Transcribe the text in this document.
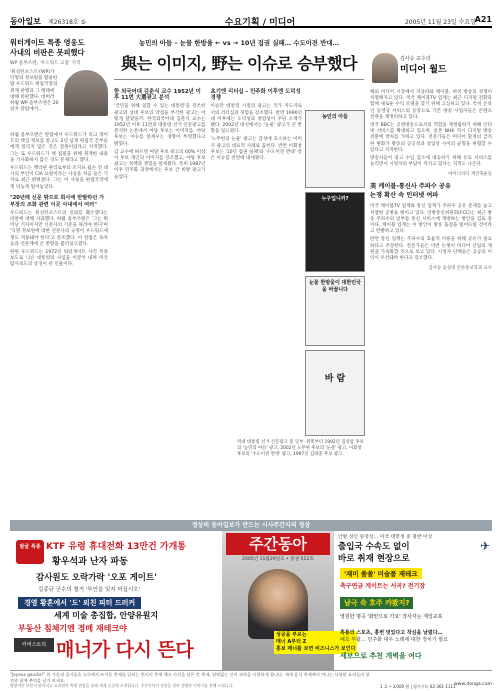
동아일보 제26318호 ⑤	수요기획 / 미디어	2005년 11월 23일 수요일
A21
워터게이트 특종 영웅도
사내의 비판은 못피했다
WP 옴부즈맨, '우드워드 고집' 지적
'워싱턴포스트'(WP)가 익명의 정보원을 활용한 밥 우드워드 편집국장의 취재 관행과 그 행태에 대해 비판했다. 데버러 하월 WP 옴부즈맨은 20일자 칼럼에서...

하월 옴부즈맨은 칼럼에서 우드워드가 리크 게이트의 핵심 정보를 알고도 2년 넘게 편집국 간부들에게 알리지 않은 것은 잘못이었다고 지적했다. 그는 또 우드워드가 책 집필을 위해 취재한 내용을 기사화하지 않은 것도 문제라고 했다.

우드워드는 백악관 관리로부터 조지프 윌슨 전 대사의 부인이 CIA 요원이라는 사실을 처음 들은 기자로 최근 밝혀졌다. 그는 이 사실을 편집국장에게 뒤늦게 털어놓았다.

"20년래 신문 밖으로 회사에 반발하던 가 부장의 조화 관련 이곳 사내에서 여러"

우드워드는 워싱턴포스트의 신뢰를 훼손했다는 비판에 대해 사과했다. 하월 옴부즈맨은 '그는 뛰어난 기자이지만 신문사의 기준을 따라야 한다'며 '익명 정보원에 대한 신문사의 규정이 우드워드에게도 적용돼야 한다'고 강조했다. 이 칼럼은 독자들과 언론계에 큰 반향을 불러일으켰다.

한편 우드워드는 1972년 워터게이트 사건 특종 보도로 닉슨 대통령의 사임을 이끌어 내며 미국 탐사보도의 상징이 된 인물이다.

농민의 아들 – 눈물 한방울 ← vs → 10년 집권 실패… 수도이전 반대…
與는 이미지, 野는 이슈로 승부했다
한 외국어대 김춘식 교수 1952년 이후 11번 大選광고 분석

'국민을 위해 일할 수 있는 대통령'을 강조한 광고와 상대 후보의 약점을 부각한 광고는 어떻게 달랐을까. 한국외국어대 김춘식 교수는 1952년 이후 11번의 대통령 선거 신문광고를 분석한 논문에서 여당 후보는 이미지를, 야당 후보는 이슈를 앞세우는 경향이 뚜렷했다고 밝혔다.

김 교수에 따르면 여당 후보 광고의 60% 이상이 후보 개인의 이미지를 강조했고, 야당 후보 광고는 정책과 쟁점을 앞세웠다. 특히 1987년 이후 민주화 과정에서는 후보 간 비방 광고가 늘었다.

초기엔 리더십 – 민주화 이후엔 도덕성 경쟁

이승만 대통령 시절의 광고는 국가 지도자로서의 리더십과 경험을 강조했다. 반면 1990년대 이후에는 도덕성과 청렴성이 주된 소재가 됐다. 2002년 대선에서는 '눈물' 광고가 큰 반향을 일으켰다.

'노무현의 눈물' 광고는 감성에 호소하는 이미지 광고의 대표적 사례로 꼽힌다. 반면 이회창 후보는 '10년 집권 실패'와 '수도이전 반대' 같은 이슈를 전면에 내세웠다.

농민의 아들
누구입니까?
눈물 한방울이 대한민국을 바꿉니다
바 람
역대 대통령 선거 신문광고 중 일부. 위쪽부터 1992년 김영삼 후보의 '농민의 아들' 광고, 2002년 노무현 후보의 '눈물' 광고, 이회창 후보의 '수도이전 반대' 광고, 1997년 김대중 후보 광고.
김사승 교수의
미디어 월드

해외 미디어 시장에서 지상파와 케이블, 위성 방송의 경쟁이 치열해지고 있다. 미국 케이블TV 업계는 최근 디지털 전환과 함께 새로운 수익 모델을 찾기 위해 고심하고 있다. 특히 온라인 동영상 서비스의 등장으로 기존 방송 사업자들은 콘텐츠 전략을 재정비하고 있다.

영국 BBC는 공영방송으로서의 역할을 재정립하기 위해 인터넷 서비스를 확대하고 있으며, 일본 NHK 역시 디지털 방송 전환에 박차를 가하고 있다. 전문가들은 미디어 환경의 급격한 변화가 방송의 공공성과 상업성 사이의 균형을 위협할 수 있다고 지적한다.

방송사들이 광고 수입 감소에 대응하기 위해 유료 서비스를 늘리면서 시청자의 부담이 커지고 있다는 지적도 나온다.

마이너리티 재건축운동
美 케이블-통신사 주파수 공유
논쟁 확산 속 인터넷 여파

미국 케이블TV 업계와 통신 업계가 주파수 공유 문제를 놓고 치열한 공방을 벌이고 있다. 연방통신위원회(FCC)는 최근 방송 주파수의 일부를 통신 서비스에 개방하는 방안을 검토 중이다. 케이블 업계는 이 방안이 방송 품질을 떨어뜨릴 것이라고 반발하고 있다.

반면 통신 업계는 주파수의 효율적 이용을 위해 공유가 필요하다고 주장한다. 전문가들은 이번 논쟁이 미디어 산업의 재편을 가속화할 것으로 보고 있다. 시청자 단체들은 공공의 이익이 우선돼야 한다고 강조했다.

김사승 숭실대 언론홍보학과 교수
정상의 동아일보가 만드는 시사주간지의 정상
발굴 특종 KTF 유령 휴대전화 13만건 가개통
황우석과 난자 파동
감사원도 오락가락 '오포 게이트'
김종규 군수의 철거 '부인을 잊지 마십시오'
경영 황혼에서 '도' 외친 피터 드러커
세계 미술 총집합, 안양유원지
부동산 침체기엔 경매 재테크야
커버스토리 매너가 다시 뜬다
주간동아
2005년 11월29일호 • 통권 512호
성공을 부르는
매너 A부터 Z
홍보 매너를 보면 비즈니스가 보인다
안방 성인 동영상… 미국 대학생 중 절반 이상
출입국 수속도 없이
바로 취재 현장으로
✈
'재미 쏠쏠' 미술품 재테크
축구연금 게이트는 서곡? 전기장
남극 속 호주 캬봤지?
영원한 명곡 '화란으로 가요' 작사자는 재일교포
흑룡의 스포츠, 홍번 멋있다고 작심을 날렸다…
배호 부활… 민주화 대우 노래에 대한 정치가 필요
세보으로 추천 개벽을 여다
"Joyeux gaudia!" 한 가운데 즐거움을 프로에서 뜨거운 축제를 알리는 현지의 축제 예고 사진을 담은 맛 축제, 영락없는 신이 과학을 사랑하게 합니다. 세계 음식 축제에서 만나는 다양한 요리들의 향연과 함께 추억을 남겨 보세요.
www.donga.com
영양적인 부분이 달라지고 요리법이 축제 현장을 통해 세계 곳곳에 소개됩니다. 주간동아가 현장을 찾아 생생한 이야기를 전해 드립니다.	1 호 • 3,000 원 | 정기구독 02-361-1111
